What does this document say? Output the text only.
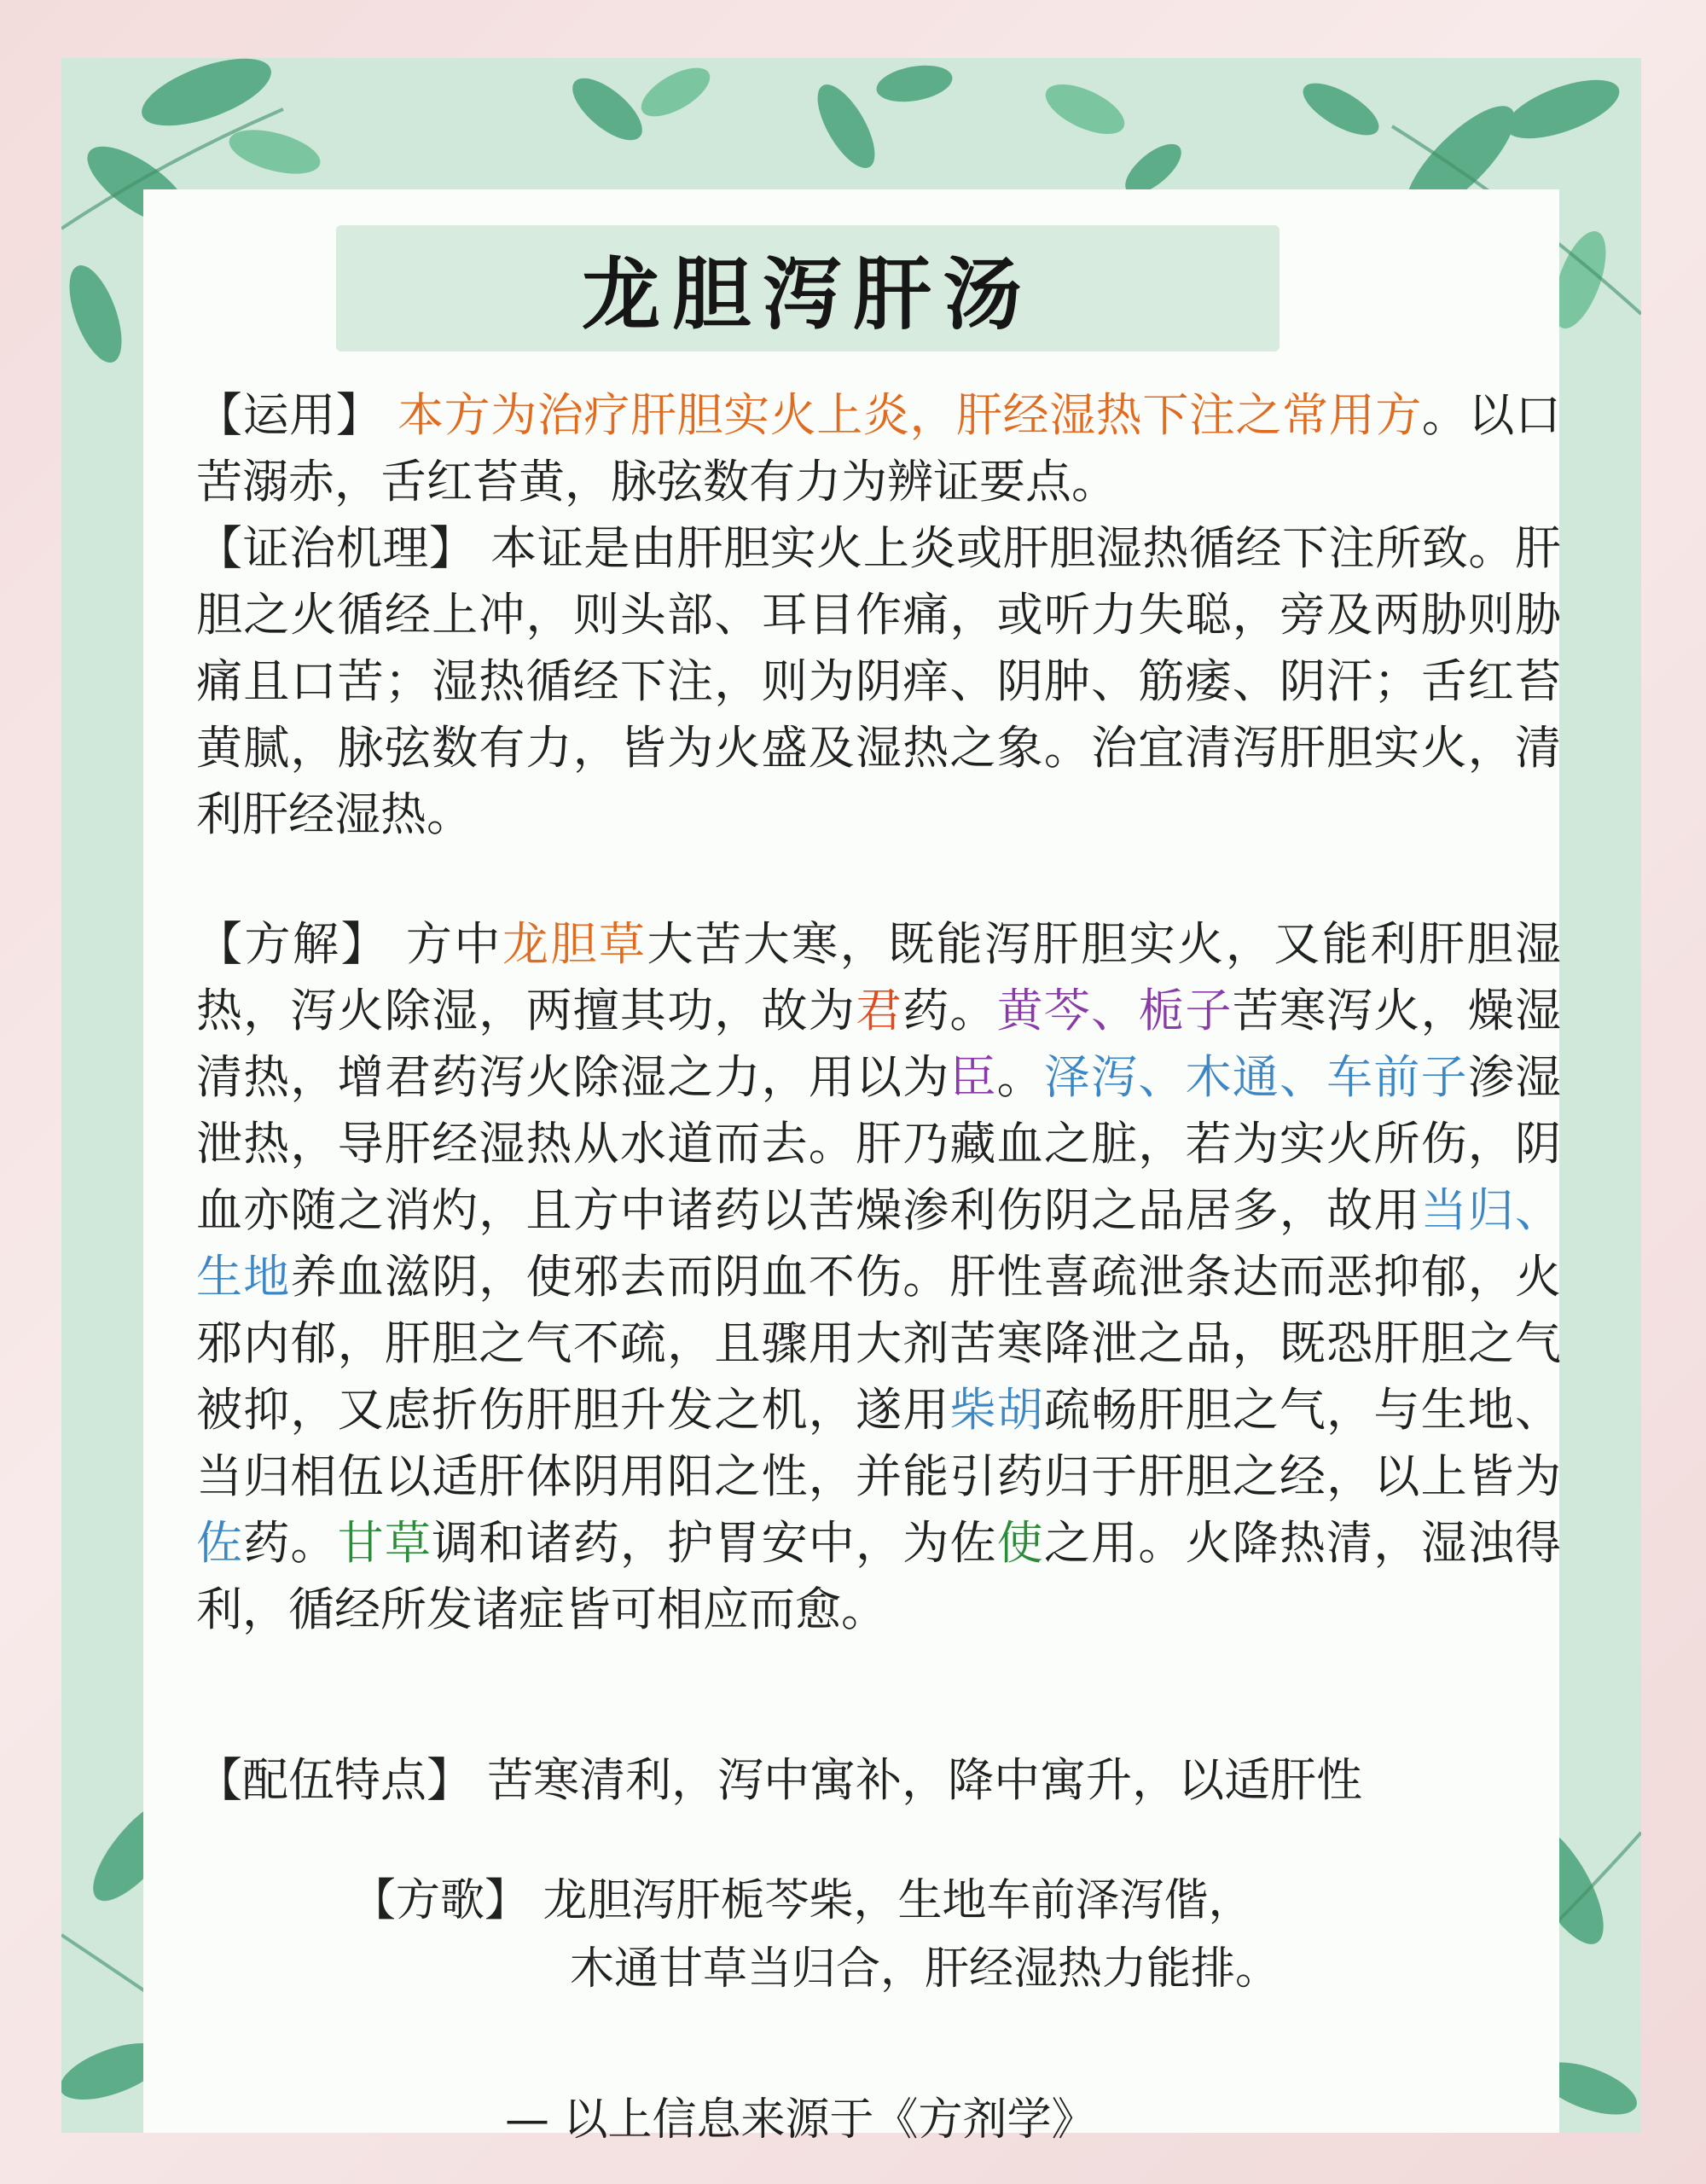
龙胆泻肝汤

【运用】 本方为治疗肝胆实火上炎，肝经湿热下注之常用方。以口苦溺赤，舌红苔黄，脉弦数有力为辨证要点。

【证治机理】 本证是由肝胆实火上炎或肝胆湿热循经下注所致。肝胆之火循经上冲，则头部、耳目作痛，或听力失聪，旁及两胁则胁痛且口苦；湿热循经下注，则为阴痒、阴肿、筋痿、阴汗；舌红苔黄腻，脉弦数有力，皆为火盛及湿热之象。治宜清泻肝胆实火，清利肝经湿热。

【方解】 方中龙胆草大苦大寒，既能泻肝胆实火，又能利肝胆湿热，泻火除湿，两擅其功，故为君药。黄芩、栀子苦寒泻火，燥湿清热，增君药泻火除湿之力，用以为臣。泽泻、木通、车前子渗湿泄热，导肝经湿热从水道而去。肝乃藏血之脏，若为实火所伤，阴血亦随之消灼，且方中诸药以苦燥渗利伤阴之品居多，故用当归、生地养血滋阴，使邪去而阴血不伤。肝性喜疏泄条达而恶抑郁，火邪内郁，肝胆之气不疏，且骤用大剂苦寒降泄之品，既恐肝胆之气被抑，又虑折伤肝胆升发之机，遂用柴胡疏畅肝胆之气，与生地、当归相伍以适肝体阴用阳之性，并能引药归于肝胆之经，以上皆为佐药。甘草调和诸药，护胃安中，为佐使之用。火降热清，湿浊得利，循经所发诸症皆可相应而愈。

【配伍特点】 苦寒清利，泻中寓补，降中寓升，以适肝性

【方歌】 龙胆泻肝栀芩柴，生地车前泽泻偕，
木通甘草当归合，肝经湿热力能排。
— 以上信息来源于《方剂学》
